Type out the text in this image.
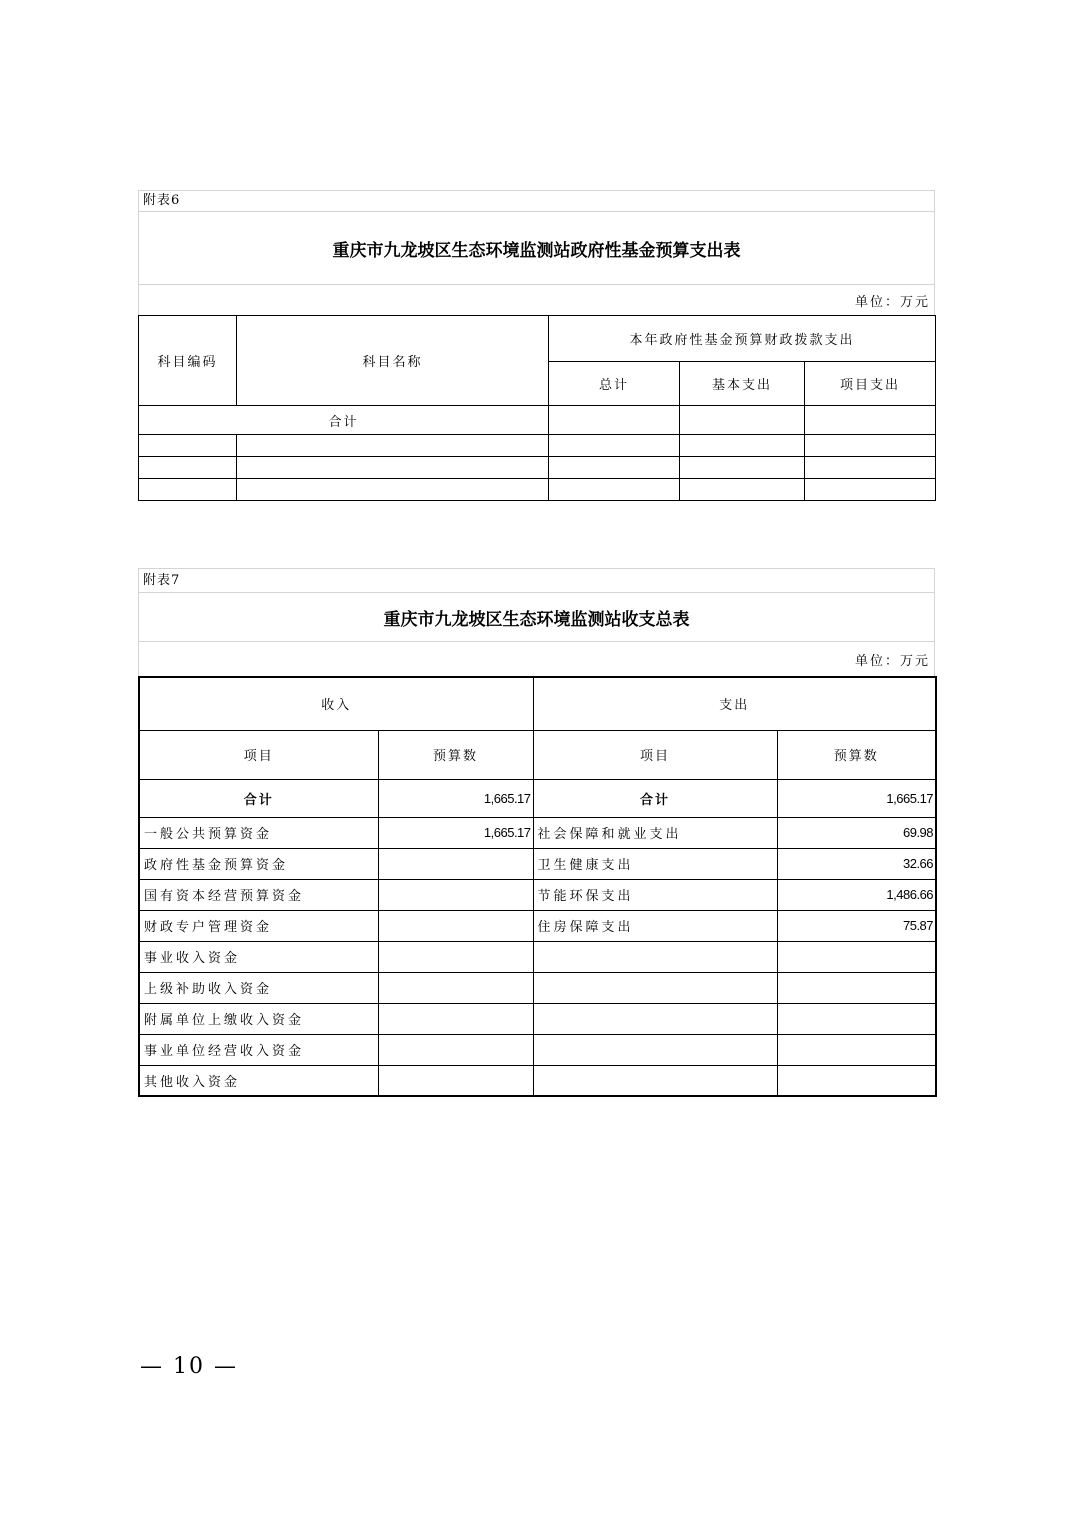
附表6
重庆市九龙坡区生态环境监测站政府性基金预算支出表
单位：万元
科目编码	科目名称	本年政府性基金预算财政拨款支出		
		总计	基本支出	项目支出
合计				

附表7
重庆市九龙坡区生态环境监测站收支总表
单位：万元
收入		支出	
项目	预算数	项目	预算数
合计	1,665.17	合计	1,665.17
一般公共预算资金	1,665.17	社会保障和就业支出	69.98
政府性基金预算资金		卫生健康支出	32.66
国有资本经营预算资金		节能环保支出	1,486.66
财政专户管理资金		住房保障支出	75.87
事业收入资金			
上级补助收入资金			
附属单位上缴收入资金			
事业单位经营收入资金			
其他收入资金			
— 10 —
